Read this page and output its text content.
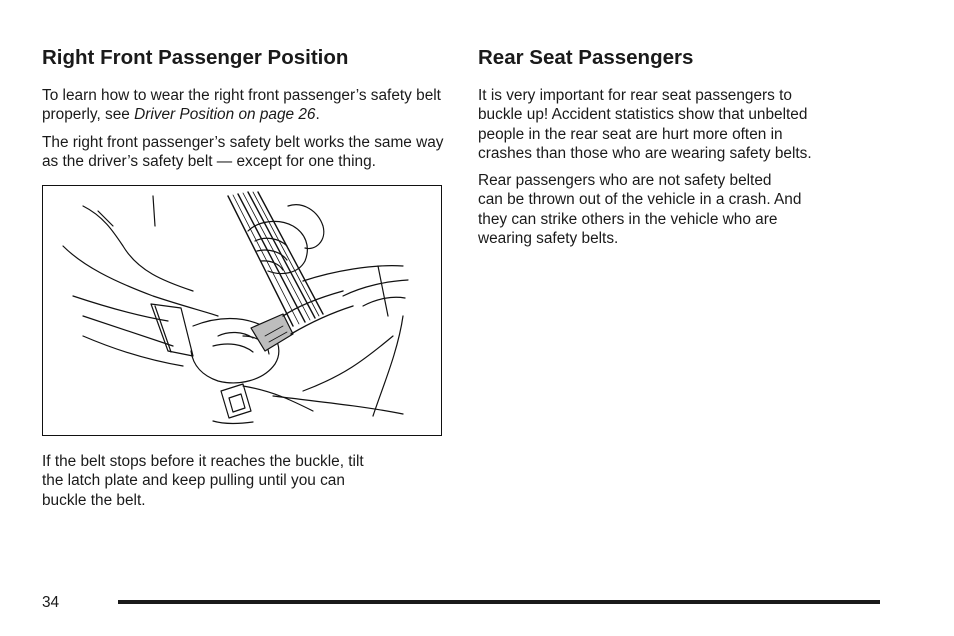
Right Front Passenger Position

To learn how to wear the right front passenger’s safety belt properly, see Driver Position on page 26.

The right front passenger’s safety belt works the same way as the driver’s safety belt — except for one thing.

If the belt stops before it reaches the buckle, tilt
the latch plate and keep pulling until you can
buckle the belt.

Rear Seat Passengers

It is very important for rear seat passengers to
buckle up! Accident statistics show that unbelted
people in the rear seat are hurt more often in
crashes than those who are wearing safety belts.

Rear passengers who are not safety belted
can be thrown out of the vehicle in a crash. And
they can strike others in the vehicle who are
wearing safety belts.

34
